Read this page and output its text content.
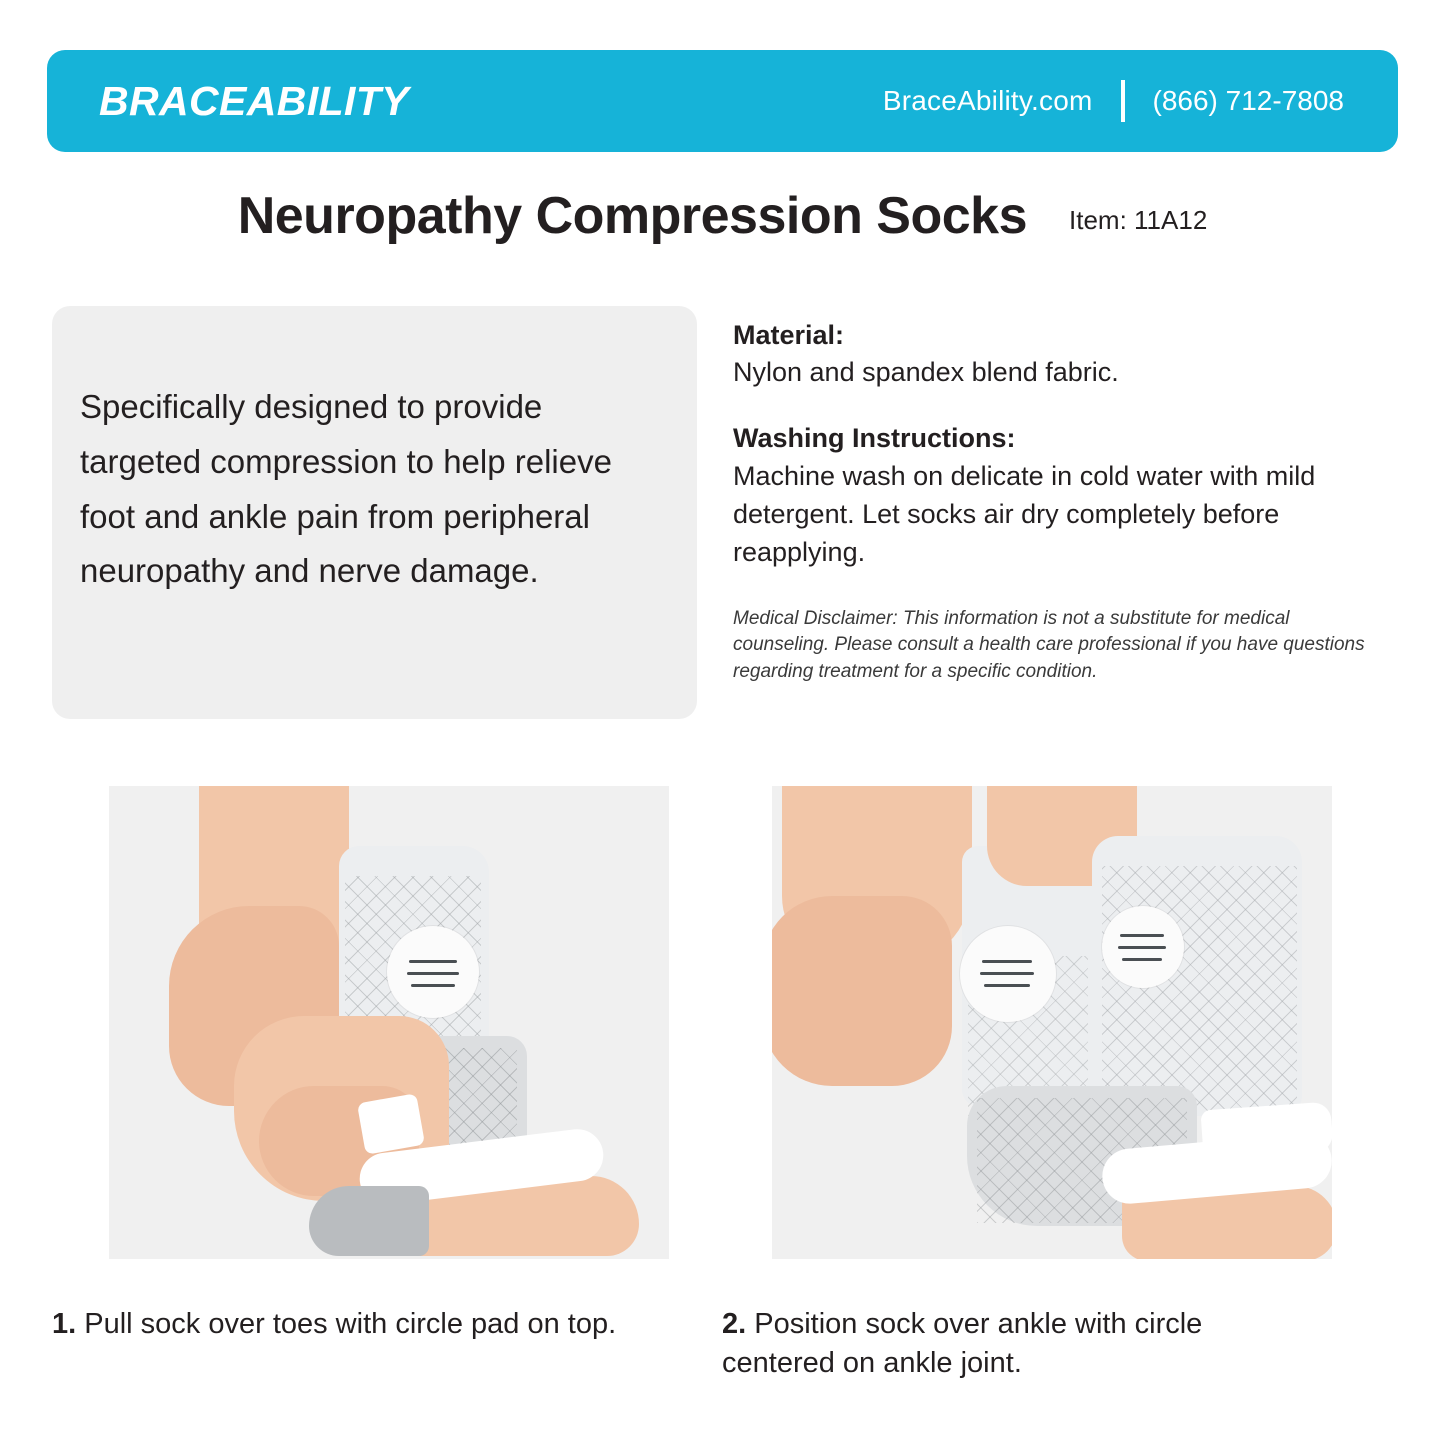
BRACEABILITY	BraceAbility.com (866) 712-7808
Neuropathy Compression Socks Item: 11A12
Specifically designed to provide targeted compression to help relieve foot and ankle pain from peripheral neuropathy and nerve damage.
Material:

Nylon and spandex blend fabric.

Washing Instructions:

Machine wash on delicate in cold water with mild detergent. Let socks air dry completely before reapplying.

Medical Disclaimer: This information is not a substitute for medical counseling. Please consult a health care professional if you have questions regarding treatment for a specific condition.
1. Pull sock over toes with circle pad on top.	2. Position sock over ankle with circle centered on ankle joint.
